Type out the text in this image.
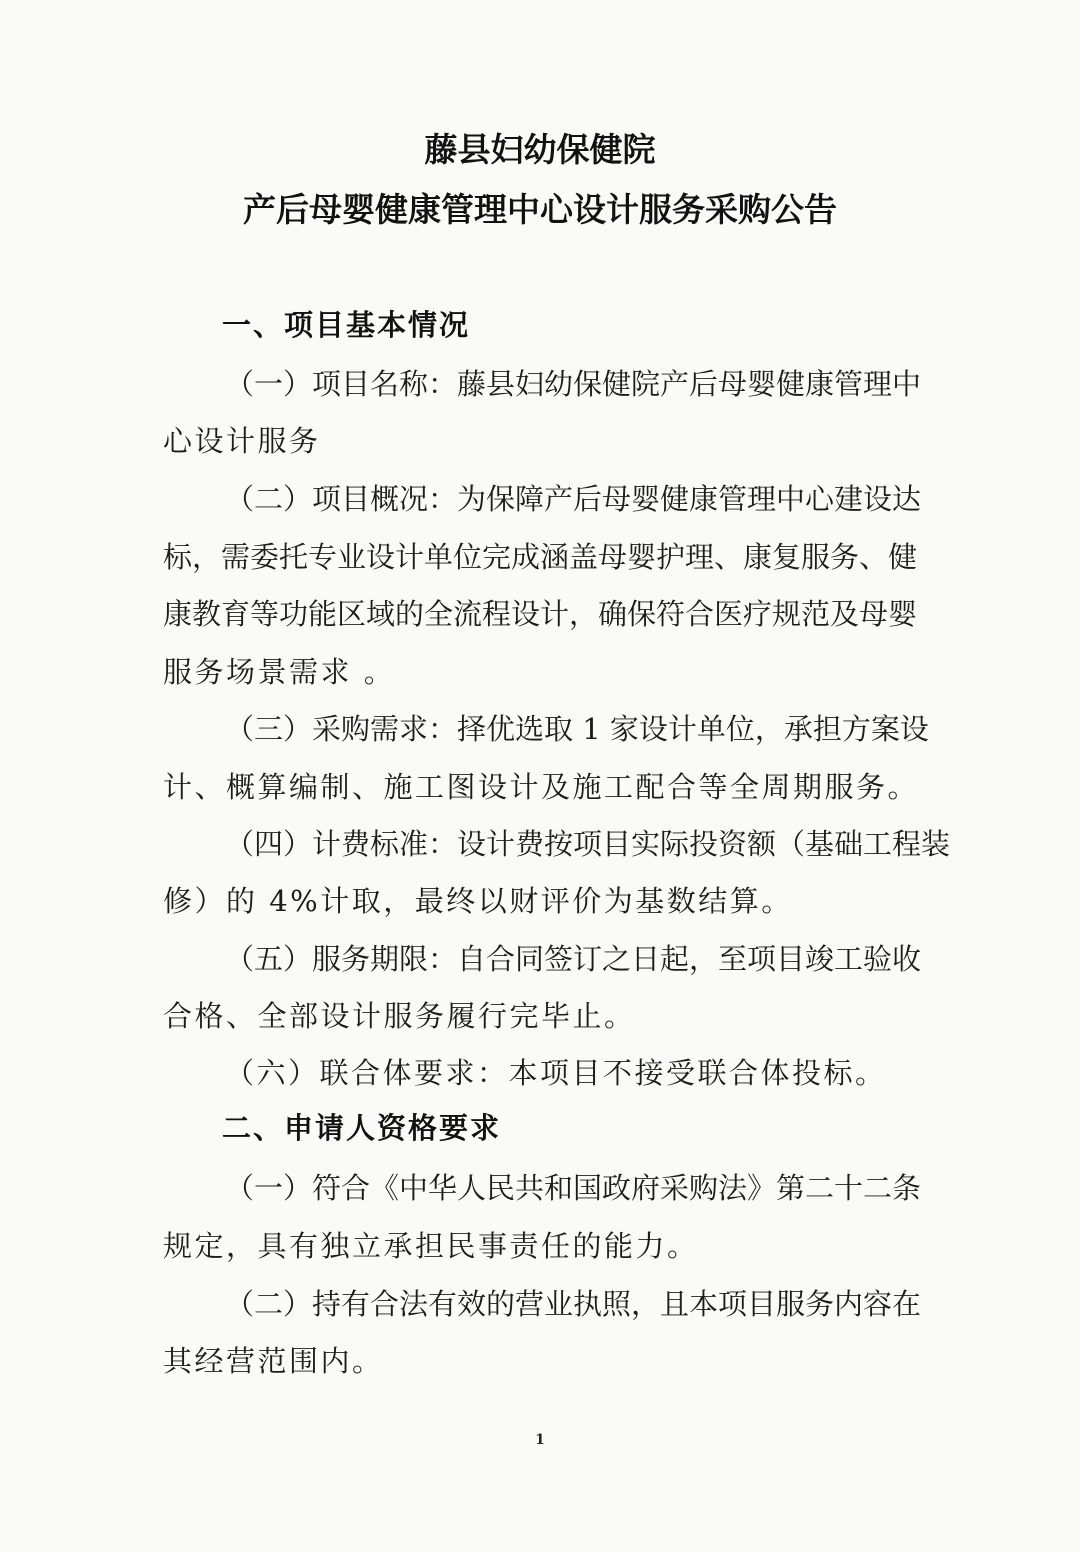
藤县妇幼保健院
产后母婴健康管理中心设计服务采购公告
一、项目基本情况
（一）项目名称：藤县妇幼保健院产后母婴健康管理中
心设计服务
（二）项目概况：为保障产后母婴健康管理中心建设达
标，需委托专业设计单位完成涵盖母婴护理、康复服务、健
康教育等功能区域的全流程设计，确保符合医疗规范及母婴
服务场景需求 。
（三）采购需求：择优选取 1 家设计单位，承担方案设
计、概算编制、施工图设计及施工配合等全周期服务。
（四）计费标准：设计费按项目实际投资额（基础工程装
修）的 4%计取，最终以财评价为基数结算。
（五）服务期限：自合同签订之日起，至项目竣工验收
合格、全部设计服务履行完毕止。
（六）联合体要求：本项目不接受联合体投标。
二、申请人资格要求
（一）符合《中华人民共和国政府采购法》第二十二条
规定，具有独立承担民事责任的能力。
（二）持有合法有效的营业执照，且本项目服务内容在
其经营范围内。
1
